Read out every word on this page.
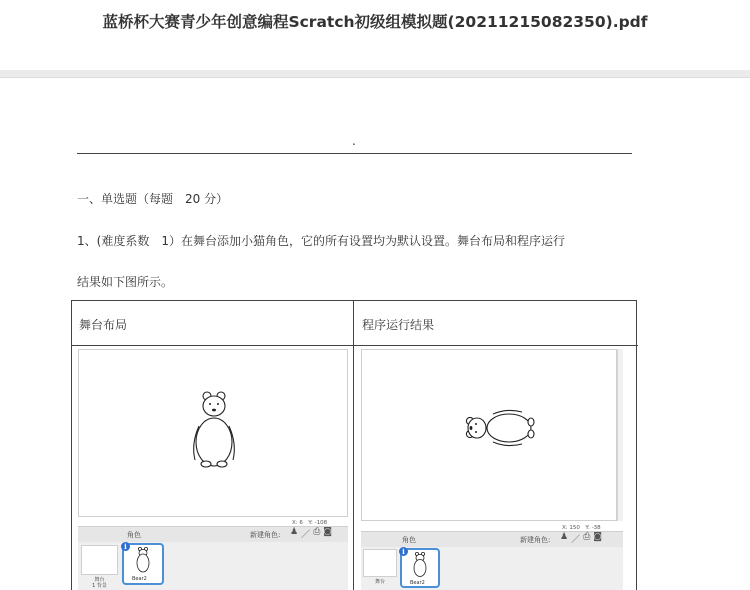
蓝桥杯大赛青少年创意编程Scratch初级组模拟题(20211215082350).pdf
.
一、单选题（每题　20 分）
1、(难度系数　1）在舞台添加小猫角色，它的所有设置均为默认设置。舞台布局和程序运行
结果如下图所示。
舞台布局	程序运行结果
X: 6　Y: -108
角色	新建角色: ♟ ／ ⎙ ◙
舞台
1 背景
Bear2
i
X: 150　Y: -38
角色	新建角色: ♟ ／ ⎙ ◙
舞台	Bear2
i
